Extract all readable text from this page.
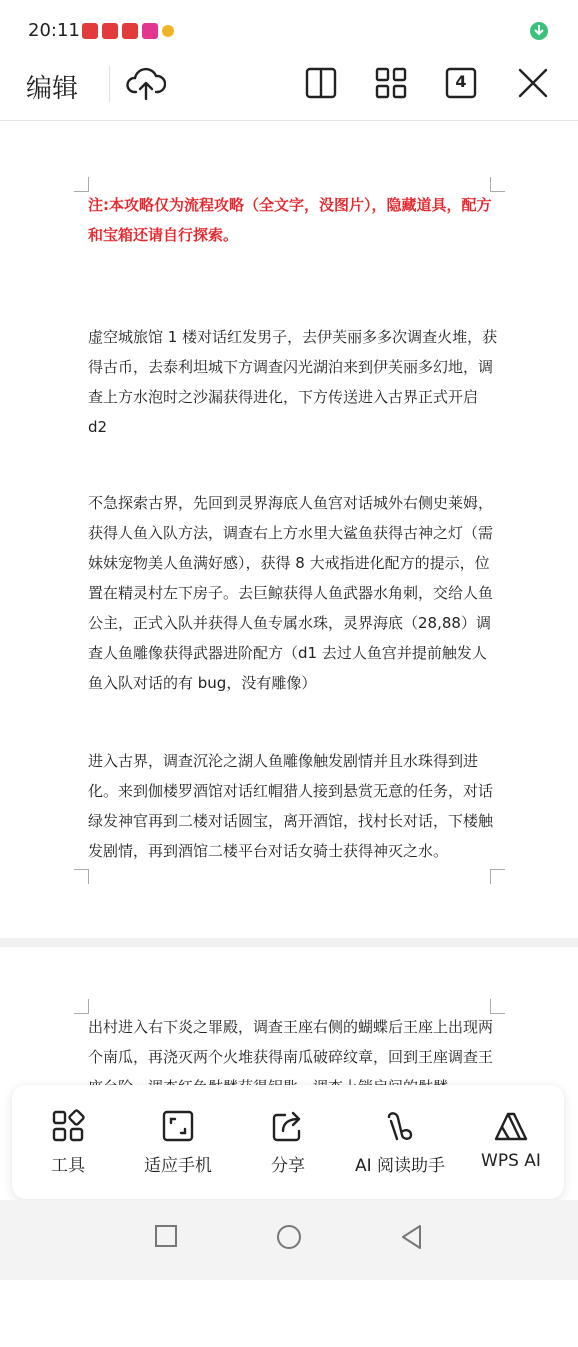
20:11
编辑	4
注:本攻略仅为流程攻略（全文字，没图片），隐藏道具，配方和宝箱还请自行探索。
虚空城旅馆 1 楼对话红发男子，去伊芙丽多多次调查火堆，获得古币，去泰利坦城下方调查闪光湖泊来到伊芙丽多幻地，调查上方水泡时之沙漏获得进化，下方传送进入古界正式开启 d2
不急探索古界，先回到灵界海底人鱼宫对话城外右侧史莱姆，获得人鱼入队方法，调查右上方水里大鲨鱼获得古神之灯（需妹妹宠物美人鱼满好感），获得 8 大戒指进化配方的提示，位置在精灵村左下房子。去巨鲸获得人鱼武器水角刺，交给人鱼公主，正式入队并获得人鱼专属水珠，灵界海底（28,88）调查人鱼雕像获得武器进阶配方（d1 去过人鱼宫并提前触发人鱼入队对话的有 bug，没有雕像）
进入古界，调查沉沦之湖人鱼雕像触发剧情并且水珠得到进化。来到伽楼罗酒馆对话红帽猎人接到悬赏无意的任务，对话绿发神官再到二楼对话圆宝，离开酒馆，找村长对话，下楼触发剧情，再到酒馆二楼平台对话女骑士获得神灭之水。
出村进入右下炎之罪殿，调查王座右侧的蝴蝶后王座上出现两个南瓜，再浇灭两个火堆获得南瓜破碎纹章，回到王座调查王
工具	适应手机	分享	AI 阅读助手	WPS AI
